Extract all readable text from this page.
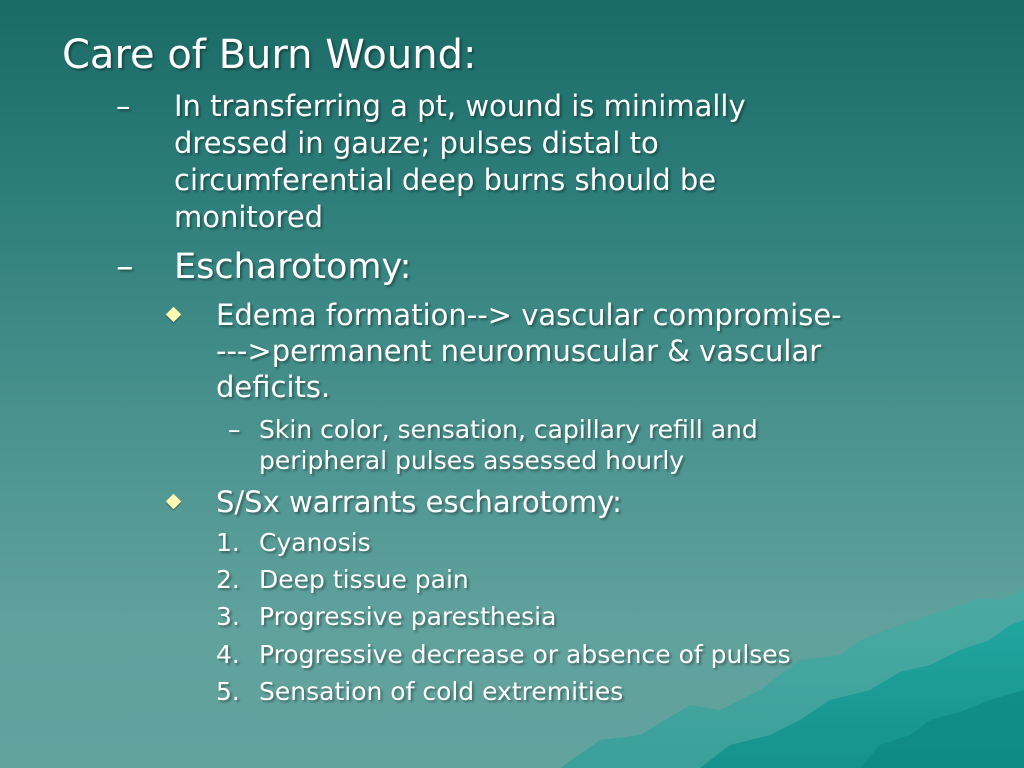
Care of Burn Wound:
– In transferring a pt, wound is minimally
dressed in gauze; pulses distal to
circumferential deep burns should be
monitored
– Escharotomy:
Edema formation--> vascular compromise-
--->permanent neuromuscular & vascular
deficits.
– Skin color, sensation, capillary refill and
peripheral pulses assessed hourly
S/Sx warrants escharotomy:
1. Cyanosis
2. Deep tissue pain
3. Progressive paresthesia
4. Progressive decrease or absence of pulses
5. Sensation of cold extremities
